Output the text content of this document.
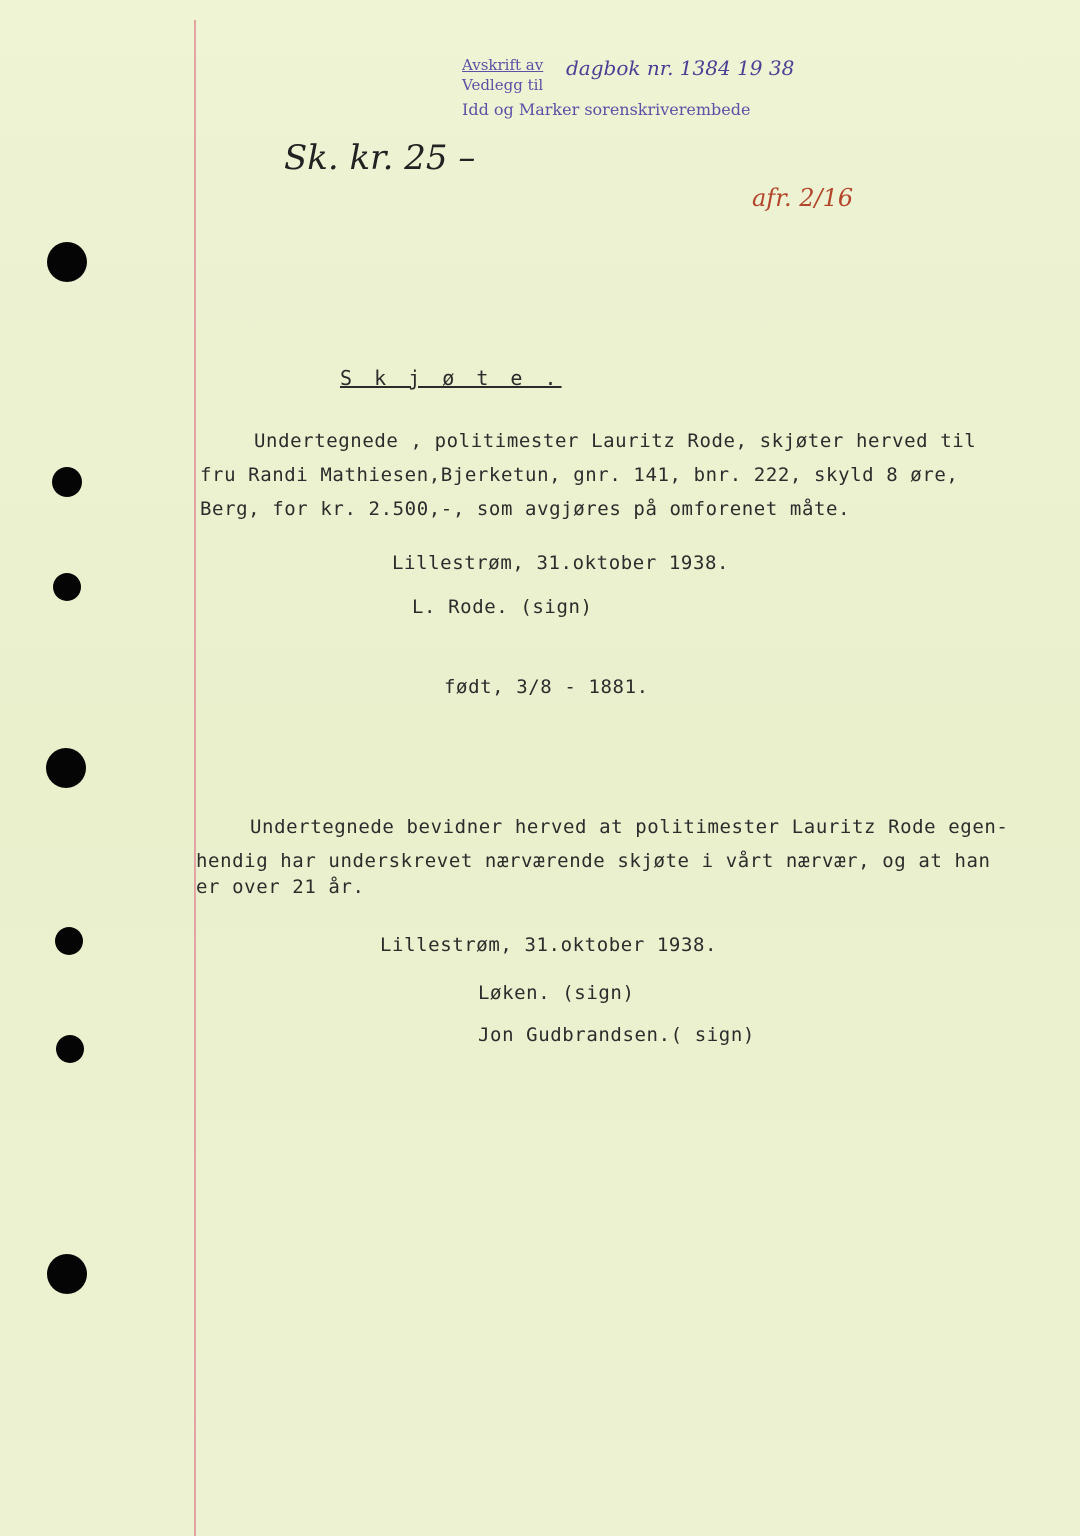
Avskrift av
Vedlegg til
Idd og Marker sorenskriverembede
dagbok nr. 1384 19 38
Sk. kr. 25 –
afr. 2/16
S k j ø t e .
Undertegnede , politimester Lauritz Rode, skjøter herved til
fru Randi Mathiesen,Bjerketun, gnr. 141, bnr. 222, skyld 8 øre,
Berg, for kr. 2.500,-, som avgjøres på omforenet måte.
Lillestrøm, 31.oktober 1938.
L. Rode. (sign)
født, 3/8 - 1881.
Undertegnede bevidner herved at politimester Lauritz Rode egen-
hendig har underskrevet nærværende skjøte i vårt nærvær, og at han
er over 21 år.
Lillestrøm, 31.oktober 1938.
Løken. (sign)
Jon Gudbrandsen.( sign)
